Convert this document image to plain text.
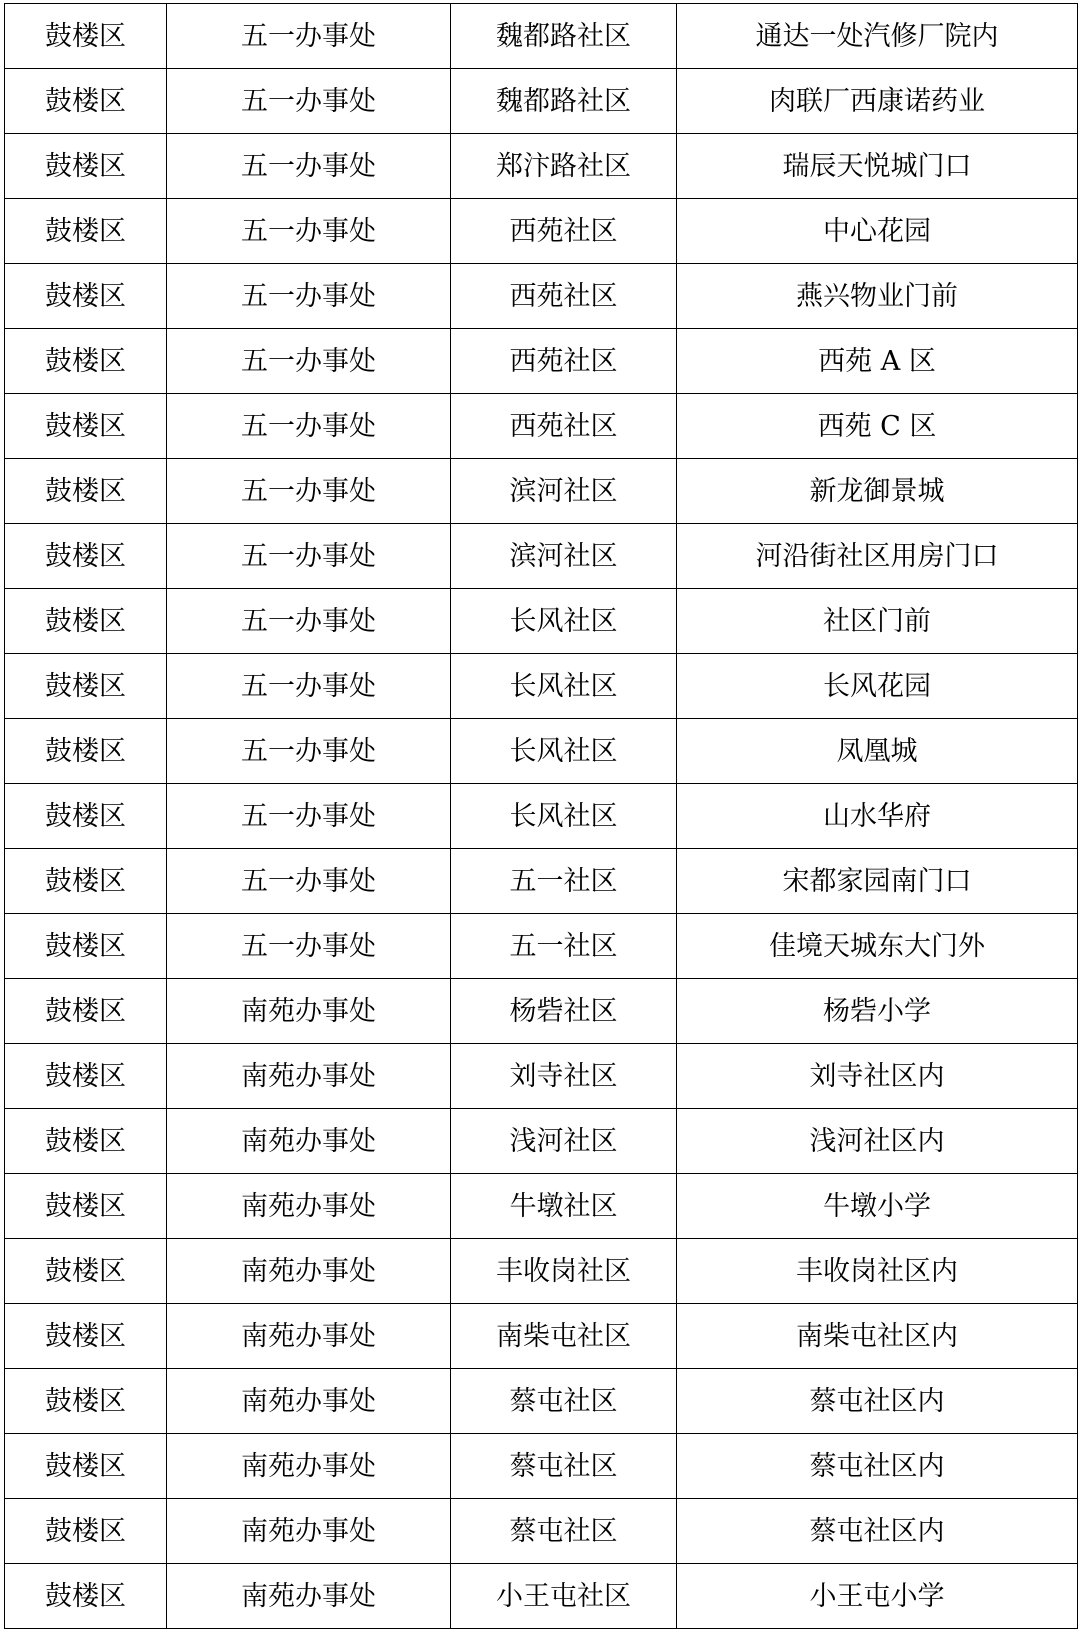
鼓楼区	五一办事处	魏都路社区	通达一处汽修厂院内
鼓楼区	五一办事处	魏都路社区	肉联厂西康诺药业
鼓楼区	五一办事处	郑汴路社区	瑞辰天悦城门口
鼓楼区	五一办事处	西苑社区	中心花园
鼓楼区	五一办事处	西苑社区	燕兴物业门前
鼓楼区	五一办事处	西苑社区	西苑 A 区
鼓楼区	五一办事处	西苑社区	西苑 C 区
鼓楼区	五一办事处	滨河社区	新龙御景城
鼓楼区	五一办事处	滨河社区	河沿街社区用房门口
鼓楼区	五一办事处	长风社区	社区门前
鼓楼区	五一办事处	长风社区	长风花园
鼓楼区	五一办事处	长风社区	凤凰城
鼓楼区	五一办事处	长风社区	山水华府
鼓楼区	五一办事处	五一社区	宋都家园南门口
鼓楼区	五一办事处	五一社区	佳境天城东大门外
鼓楼区	南苑办事处	杨砦社区	杨砦小学
鼓楼区	南苑办事处	刘寺社区	刘寺社区内
鼓楼区	南苑办事处	浅河社区	浅河社区内
鼓楼区	南苑办事处	牛墩社区	牛墩小学
鼓楼区	南苑办事处	丰收岗社区	丰收岗社区内
鼓楼区	南苑办事处	南柴屯社区	南柴屯社区内
鼓楼区	南苑办事处	蔡屯社区	蔡屯社区内
鼓楼区	南苑办事处	蔡屯社区	蔡屯社区内
鼓楼区	南苑办事处	蔡屯社区	蔡屯社区内
鼓楼区	南苑办事处	小王屯社区	小王屯小学
